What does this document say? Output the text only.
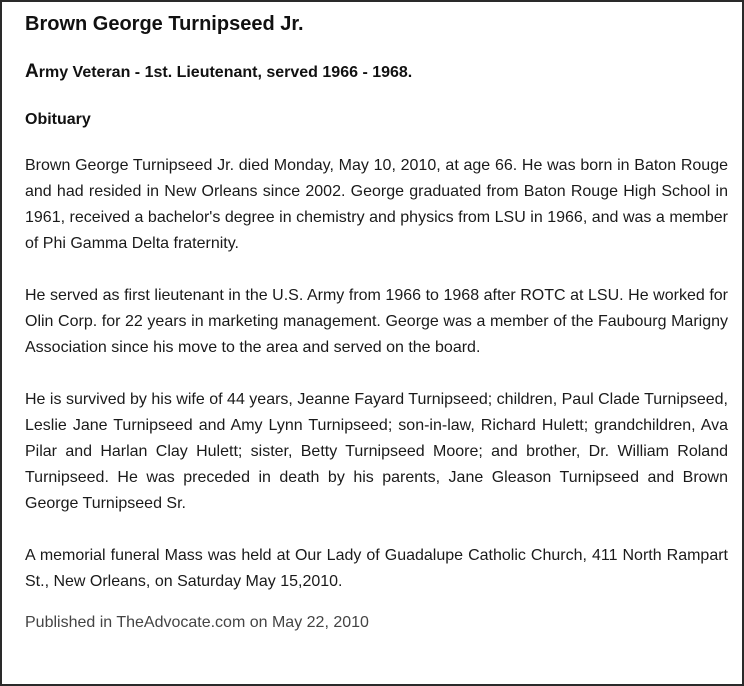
Brown George Turnipseed Jr.

Army Veteran - 1st. Lieutenant, served 1966 - 1968.

Obituary

Brown George Turnipseed Jr. died Monday, May 10, 2010, at age 66. He was born in Baton Rouge and had resided in New Orleans since 2002. George graduated from Baton Rouge High School in 1961, received a bachelor's degree in chemistry and physics from LSU in 1966, and was a member of Phi Gamma Delta fraternity.

He served as first lieutenant in the U.S. Army from 1966 to 1968 after ROTC at LSU. He worked for Olin Corp. for 22 years in marketing management. George was a member of the Faubourg Marigny Association since his move to the area and served on the board.

He is survived by his wife of 44 years, Jeanne Fayard Turnipseed; children, Paul Clade Turnipseed, Leslie Jane Turnipseed and Amy Lynn Turnipseed; son-in-law, Richard Hulett; grandchildren, Ava Pilar and Harlan Clay Hulett; sister, Betty Turnipseed Moore; and brother, Dr. William Roland Turnipseed. He was preceded in death by his parents, Jane Gleason Turnipseed and Brown George Turnipseed Sr.

A memorial funeral Mass was held at Our Lady of Guadalupe Catholic Church, 411 North Rampart St., New Orleans, on Saturday May 15,2010.

Published in TheAdvocate.com on May 22, 2010
